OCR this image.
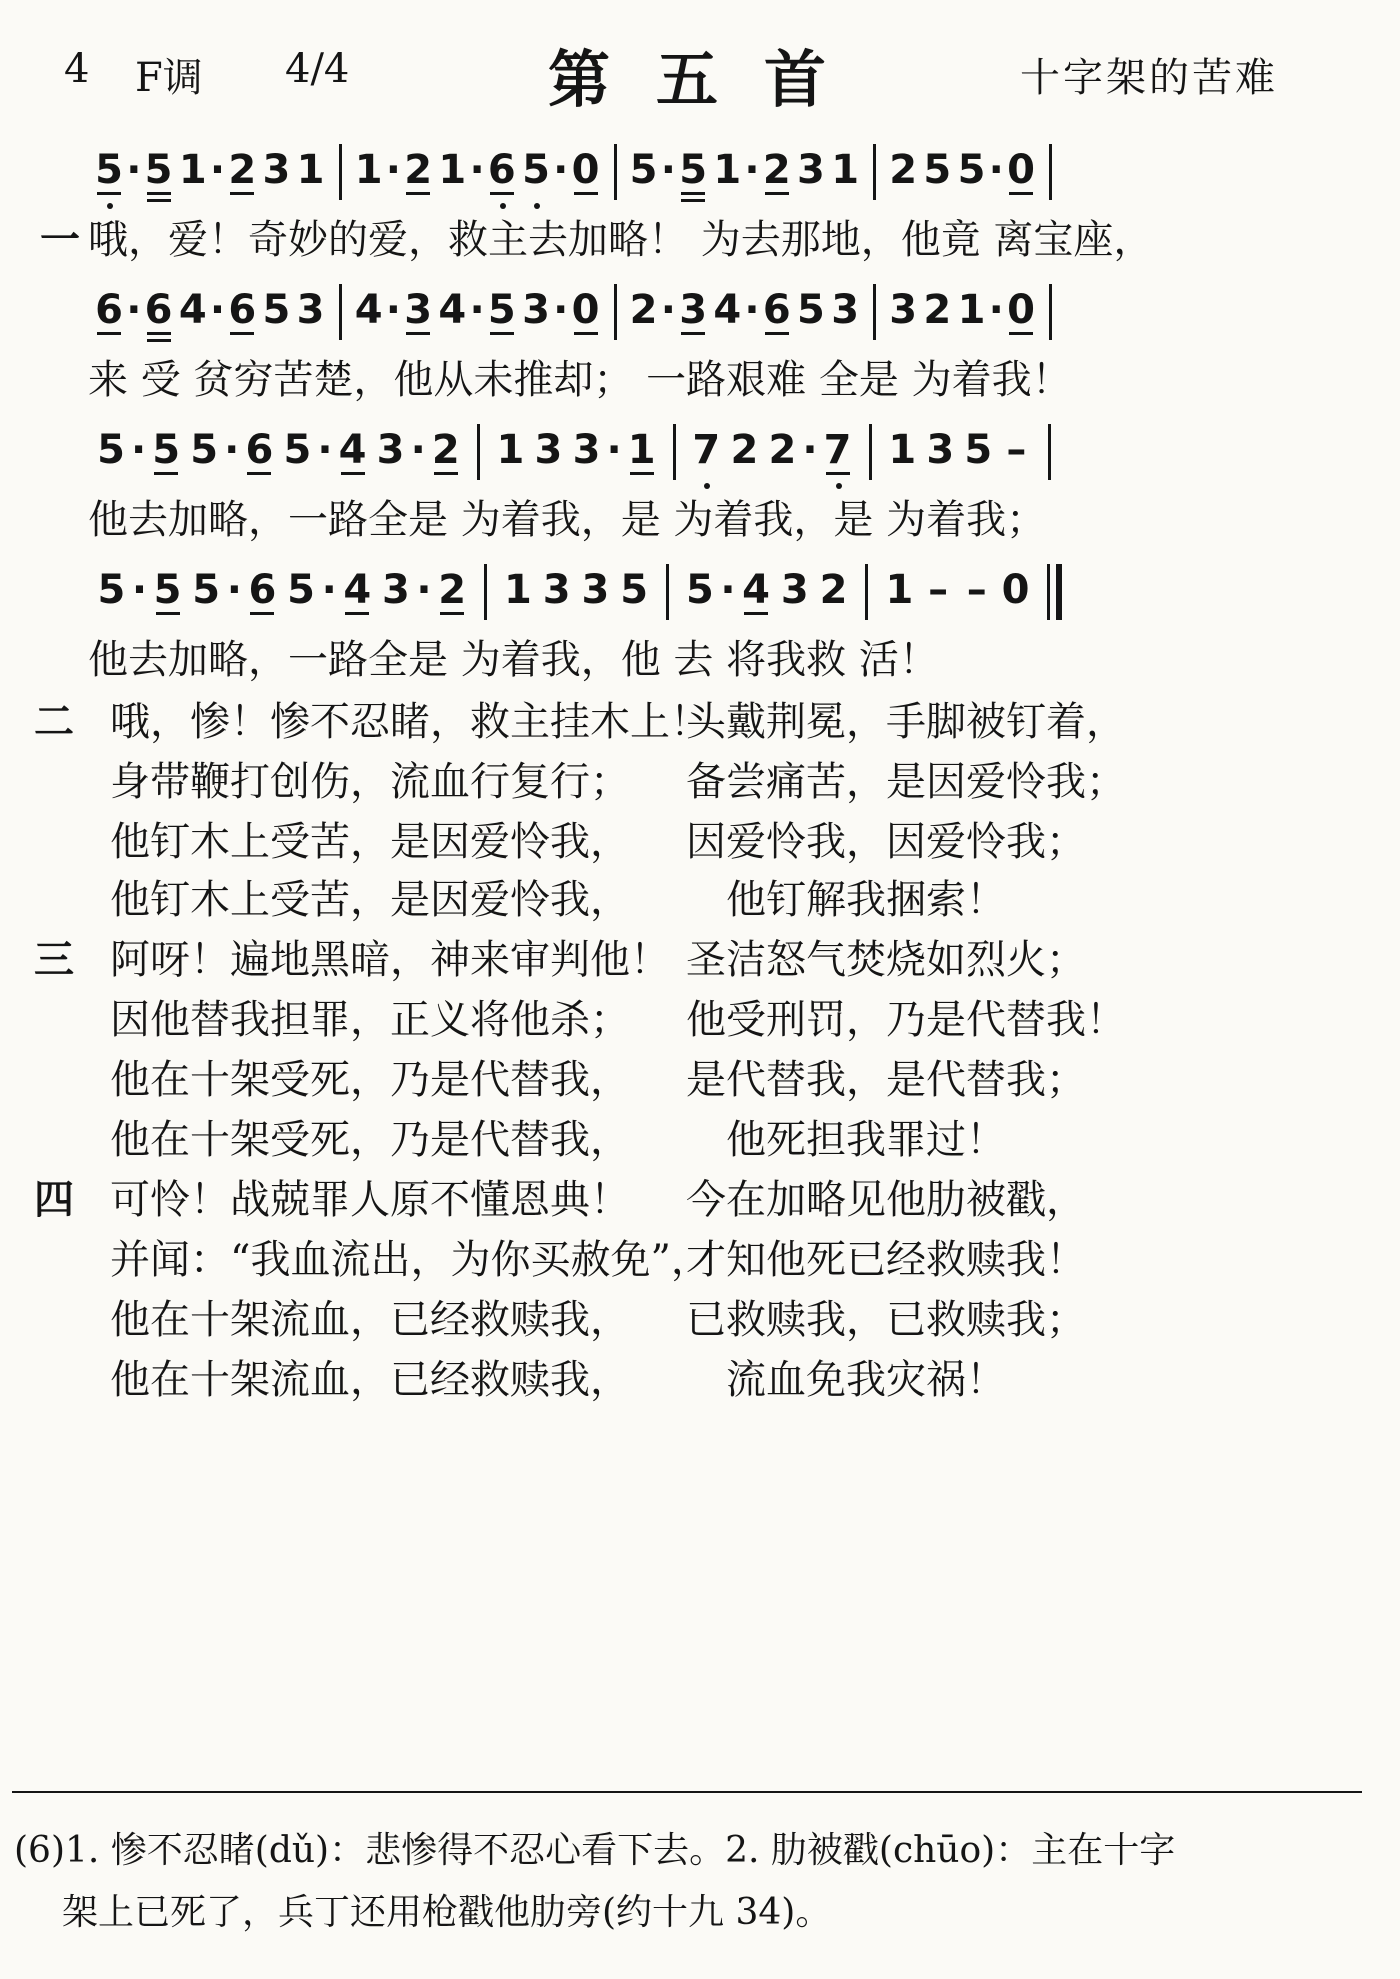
4 F调 4/4	第五首	十字架的苦难
一 哦，爱！奇妙的爱，救主去加略！ 为去那地，他竟 离宝座，
来 受 贫穷苦楚，他从未推却； 一路艰难 全是 为着我！
他去加略，一路全是 为着我，是 为着我，是 为着我；
他去加略，一路全是 为着我，他 去 将我救 活！
5 · 5 1 · 2 3 1 1 · 2 1 · 6 5 · 0 5 · 5 1 · 2 3 1 2 5 5 · 0
6 · 6 4 · 6 5 3 4 · 3 4 · 5 3 · 0 2 · 3 4 · 6 5 3 3 2 1 · 0
5 · 5 5 · 6 5 · 4 3 · 2 1 3 3 · 1 7 2 2 · 7 1 3 5 –
5 · 5 5 · 6 5 · 4 3 · 2 1 3 3 5 5 · 4 3 2 1 – – 0
二 哦，惨！惨不忍睹，救主挂木上！
头戴荆冕，手脚被钉着，
身带鞭打创伤，流血行复行； 备尝痛苦，是因爱怜我；
他钉木上受苦，是因爱怜我， 因爱怜我，因爱怜我；
他钉木上受苦，是因爱怜我， 他钉解我捆索！
三 阿呀！遍地黑暗，神来审判他！ 圣洁怒气焚烧如烈火；
因他替我担罪，正义将他杀； 他受刑罚，乃是代替我！
他在十架受死，乃是代替我， 是代替我，是代替我；
他在十架受死，乃是代替我， 他死担我罪过！
四 可怜！战兢罪人原不懂恩典！ 今在加略见他肋被戳，
并闻：“我血流出，为你买赦免”，
才知他死已经救赎我！
他在十架流血，已经救赎我， 已救赎我，已救赎我；
他在十架流血，已经救赎我， 流血免我灾祸！
(6)1. 惨不忍睹(dǔ)：悲惨得不忍心看下去。2. 肋被戳(chūo)：主在十字
架上已死了，兵丁还用枪戳他肋旁(约十九 34)。
